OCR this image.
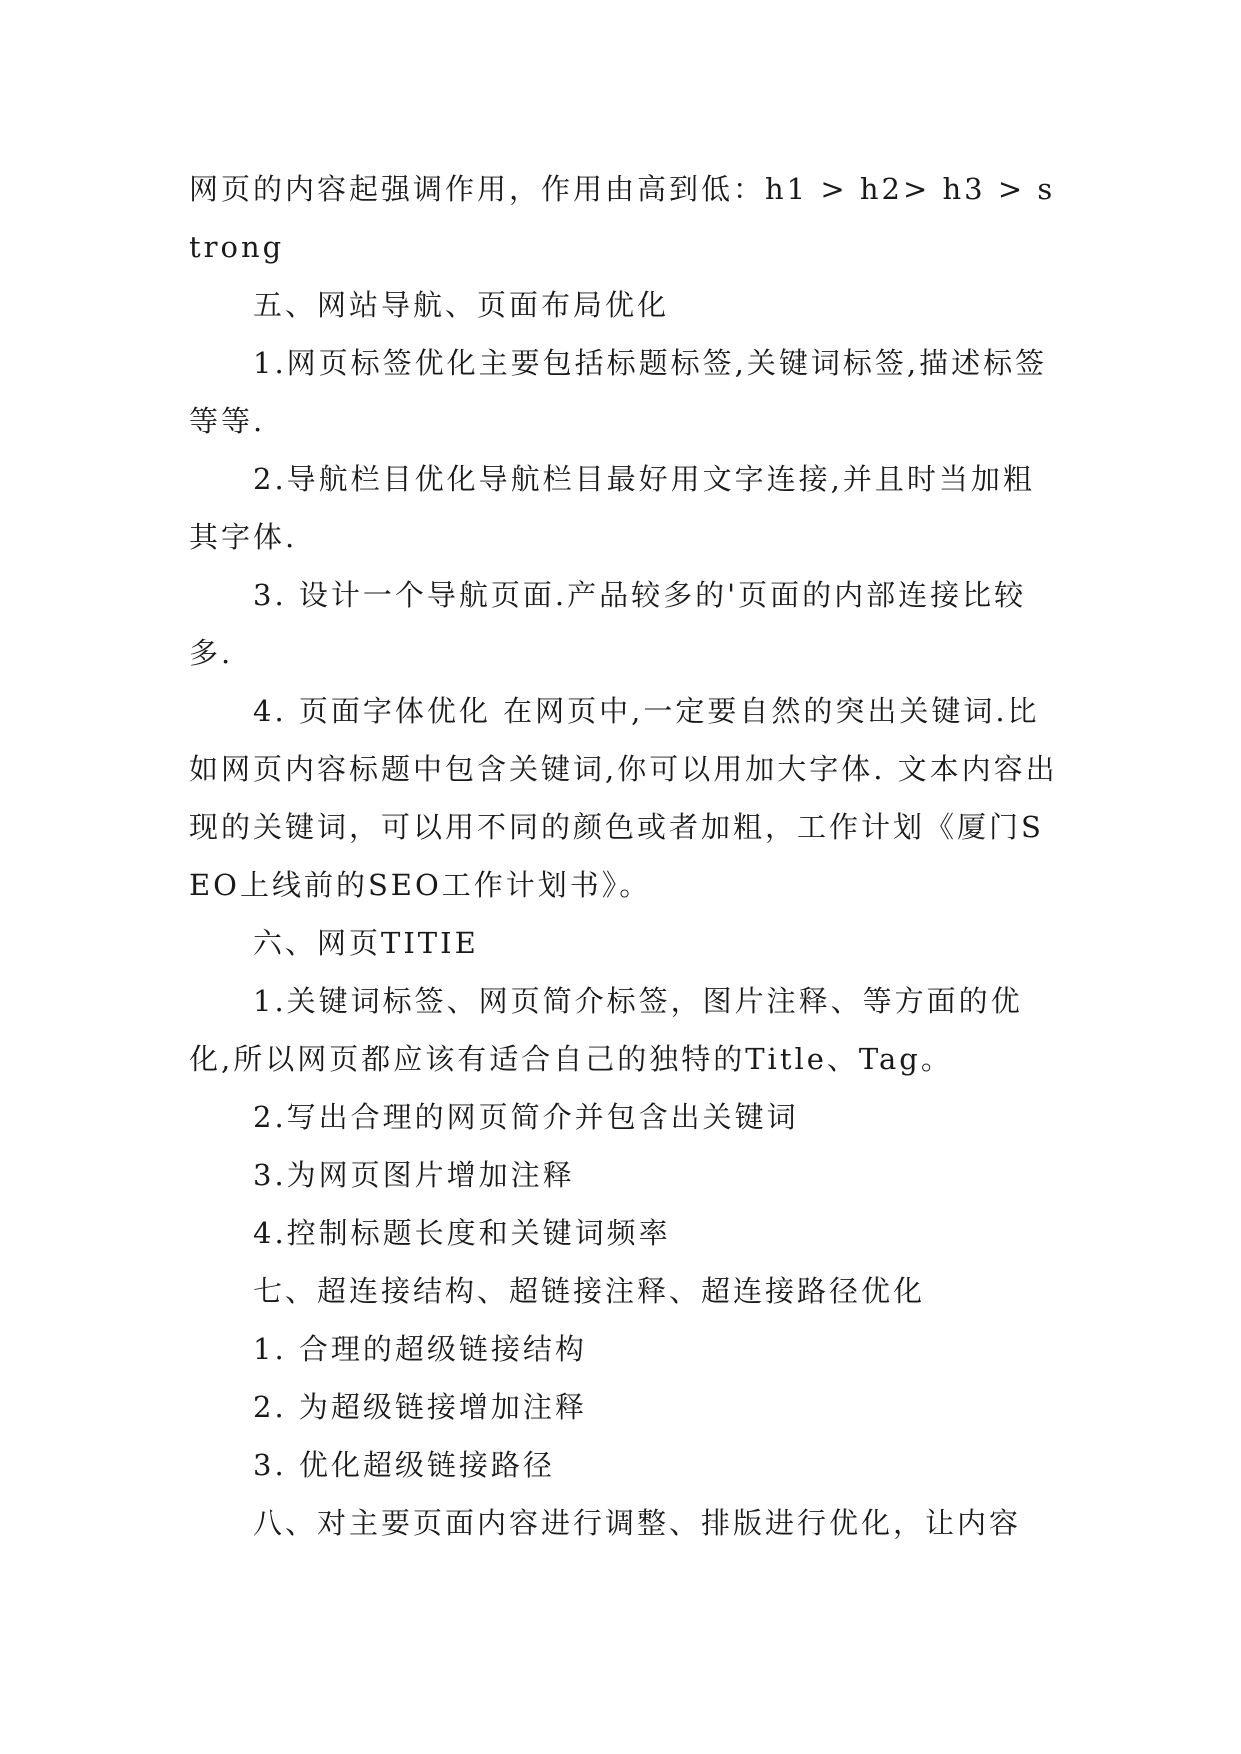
网页的内容起强调作用，作用由高到低：h1 > h2> h3 > strong

五、网站导航、页面布局优化

1.网页标签优化主要包括标题标签,关键词标签,描述标签等等.

2.导航栏目优化导航栏目最好用文字连接,并且时当加粗其字体.

3. 设计一个导航页面.产品较多的'页面的内部连接比较多.

4. 页面字体优化 在网页中,一定要自然的突出关键词.比如网页内容标题中包含关键词,你可以用加大字体. 文本内容出现的关键词，可以用不同的颜色或者加粗，工作计划《厦门SEO上线前的SEO工作计划书》。

六、网页TITIE

1.关键词标签、网页简介标签，图片注释、等方面的优化,所以网页都应该有适合自己的独特的Title、Tag。

2.写出合理的网页简介并包含出关键词

3.为网页图片增加注释

4.控制标题长度和关键词频率

七、超连接结构、超链接注释、超连接路径优化

1. 合理的超级链接结构

2. 为超级链接增加注释

3. 优化超级链接路径

八、对主要页面内容进行调整、排版进行优化，让内容
